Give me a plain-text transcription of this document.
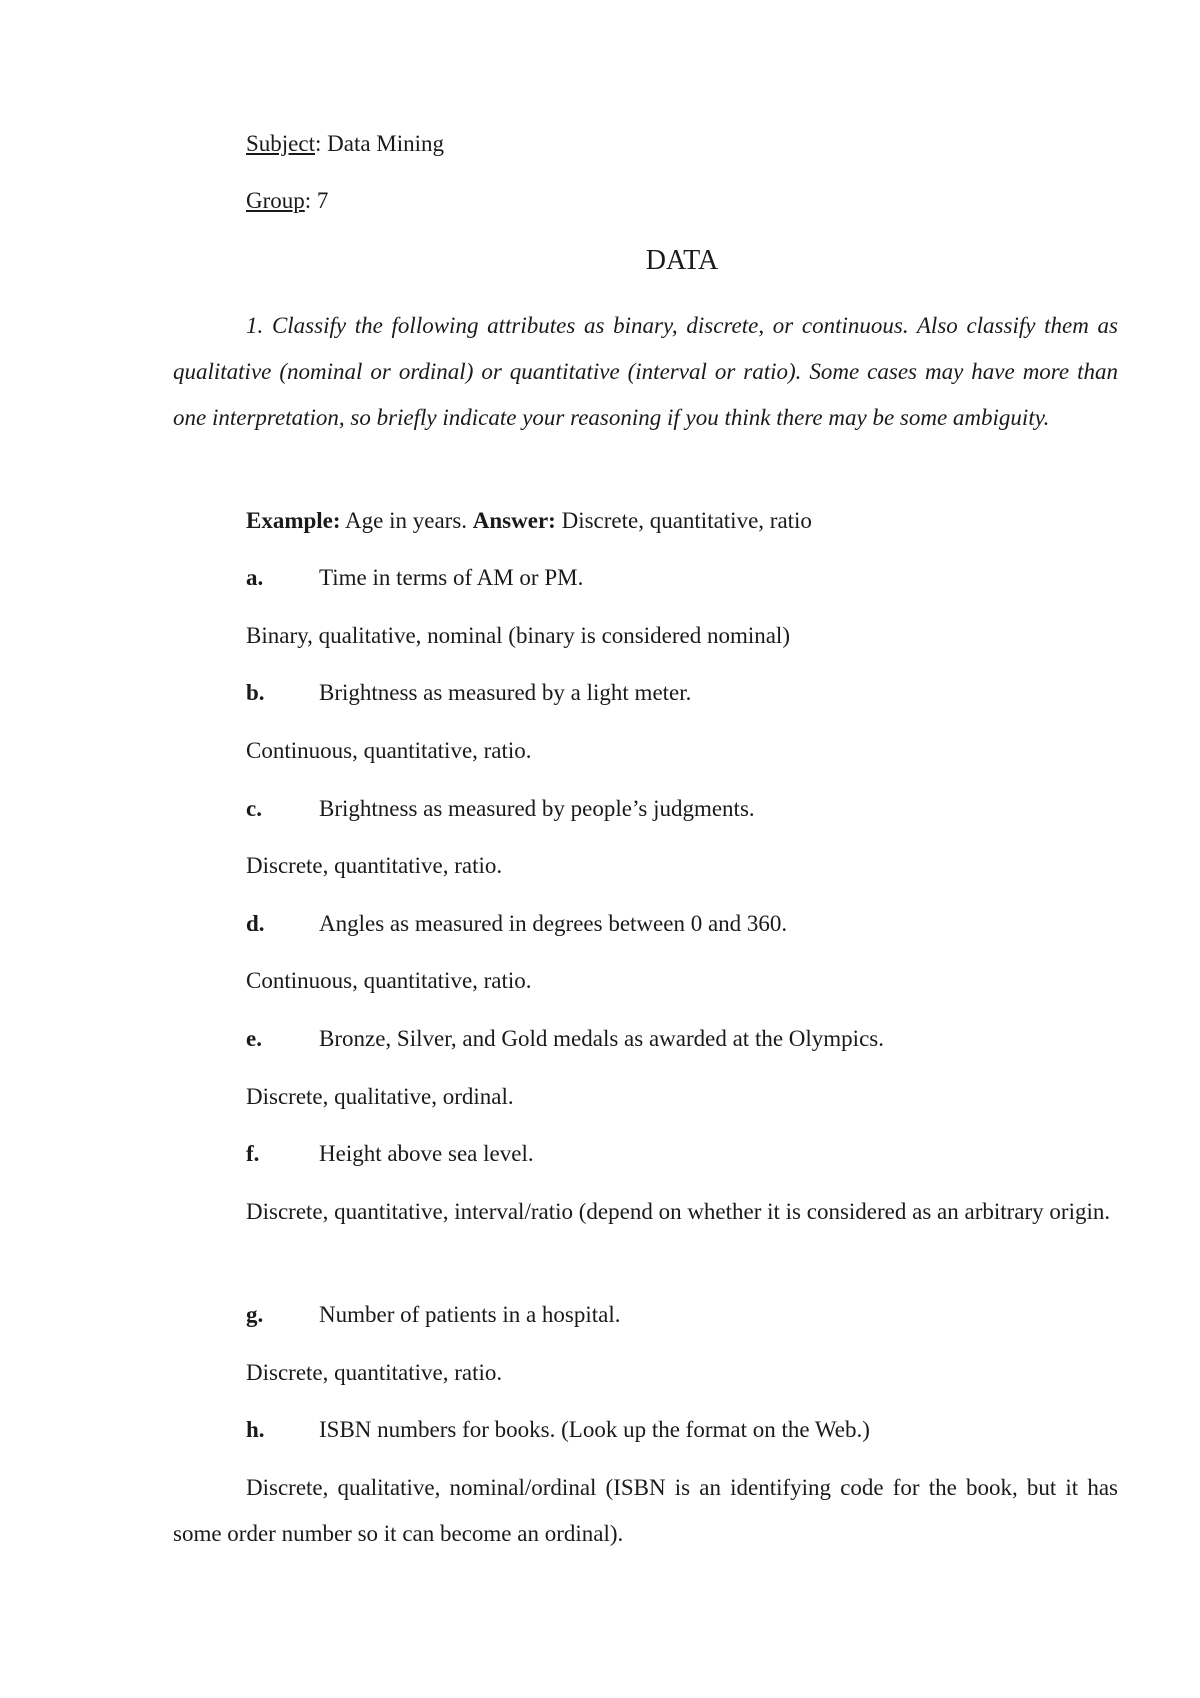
Subject: Data Mining
Group: 7
DATA
1. Classify the following attributes as binary, discrete, or continuous. Also classify them as qualitative (nominal or ordinal) or quantitative (interval or ratio). Some cases may have more than one interpretation, so briefly indicate your reasoning if you think there may be some ambiguity.
Example: Age in years. Answer: Discrete, quantitative, ratio
a.	Time in terms of AM or PM.
Binary, qualitative, nominal (binary is considered nominal)
b.	Brightness as measured by a light meter.
Continuous, quantitative, ratio.
c.	Brightness as measured by people’s judgments.
Discrete, quantitative, ratio.
d.	Angles as measured in degrees between 0 and 360.
Continuous, quantitative, ratio.
e.	Bronze, Silver, and Gold medals as awarded at the Olympics.
Discrete, qualitative, ordinal.
f.	Height above sea level.
Discrete, quantitative, interval/ratio (depend on whether it is considered as an arbitrary origin.
g.	Number of patients in a hospital.
Discrete, quantitative, ratio.
h.	ISBN numbers for books. (Look up the format on the Web.)
Discrete, qualitative, nominal/ordinal (ISBN is an identifying code for the book, but it has some order number so it can become an ordinal).
